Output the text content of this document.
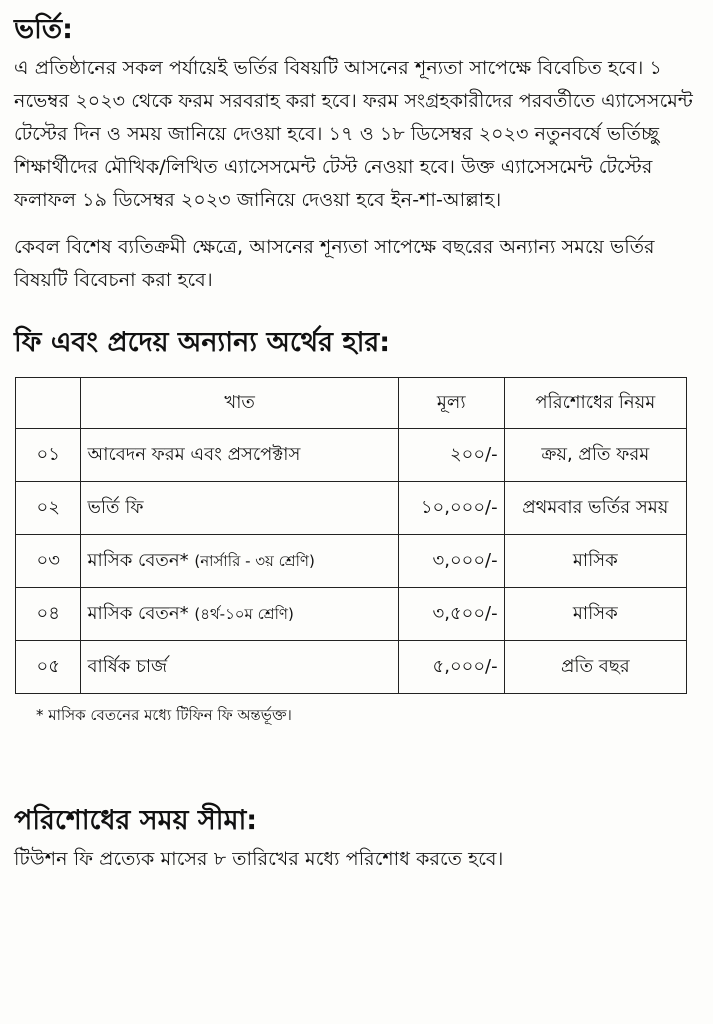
ভর্তি:

এ প্রতিষ্ঠানের সকল পর্যায়েই ভর্তির বিষয়টি আসনের শূন্যতা সাপেক্ষে বিবেচিত হবে। ১ নভেম্বর ২০২৩ থেকে ফরম সরবরাহ করা হবে। ফরম সংগ্রহকারীদের পরবর্তীতে এ্যাসেসমেন্ট টেস্টের দিন ও সময় জানিয়ে দেওয়া হবে। ১৭ ও ১৮ ডিসেম্বর ২০২৩ নতুনবর্ষে ভর্তিচ্ছু শিক্ষার্থীদের মৌখিক/লিখিত এ্যাসেসমেন্ট টেস্ট নেওয়া হবে। উক্ত এ্যাসেসমেন্ট টেস্টের ফলাফল ১৯ ডিসেম্বর ২০২৩ জানিয়ে দেওয়া হবে ইন-শা-আল্লাহ।

কেবল বিশেষ ব্যতিক্রমী ক্ষেত্রে, আসনের শূন্যতা সাপেক্ষে বছরের অন্যান্য সময়ে ভর্তির বিষয়টি বিবেচনা করা হবে।

ফি এবং প্রদেয় অন্যান্য অর্থের হার:
	খাত	মূল্য	পরিশোধের নিয়ম
০১	আবেদন ফরম এবং প্রসপেক্টাস	২০০/-	ক্রয়, প্রতি ফরম
০২	ভর্তি ফি	১০,০০০/-	প্রথমবার ভর্তির সময়
০৩	মাসিক বেতন* (নার্সারি - ৩য় শ্রেণি)	৩,০০০/-	মাসিক
০৪	মাসিক বেতন* (৪র্থ-১০ম শ্রেণি)	৩,৫০০/-	মাসিক
০৫	বার্ষিক চার্জ	৫,০০০/-	প্রতি বছর
* মাসিক বেতনের মধ্যে টিফিন ফি অন্তর্ভূক্ত।
পরিশোধের সময় সীমা:

টিউশন ফি প্রত্যেক মাসের ৮ তারিখের মধ্যে পরিশোধ করতে হবে।
